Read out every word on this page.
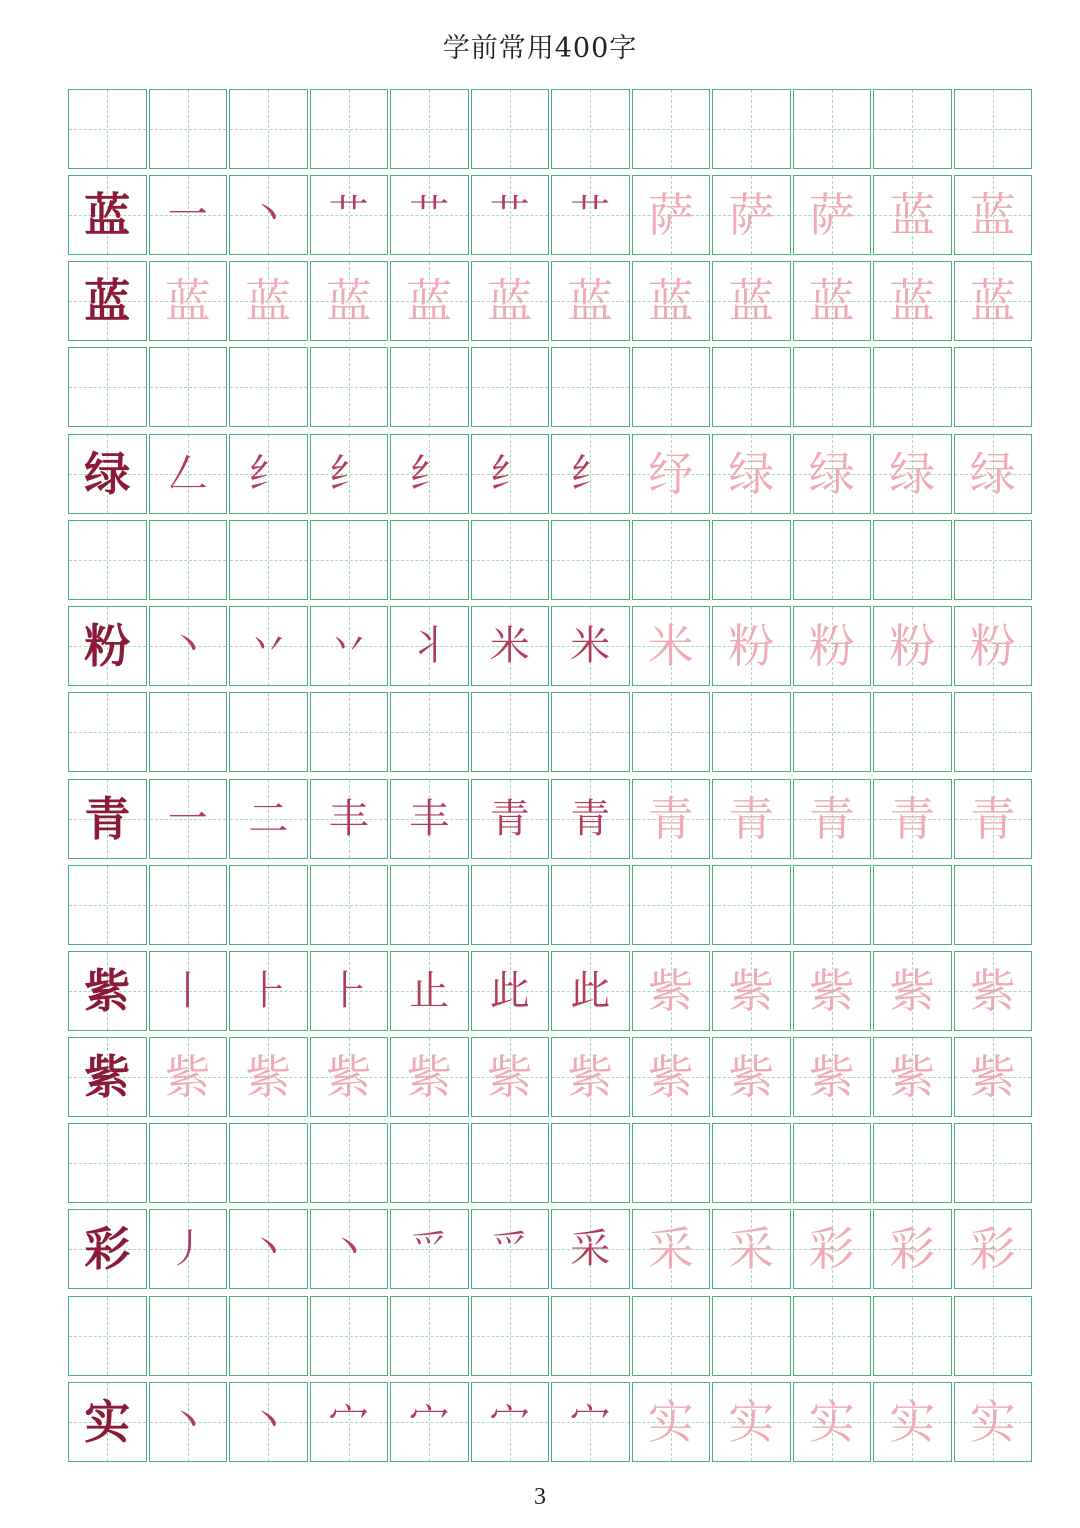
学前常用400字
蓝 一 丶 艹 艹 艹 艹 萨 萨 萨 蓝 蓝
蓝 蓝 蓝 蓝 蓝 蓝 蓝 蓝 蓝 蓝 蓝 蓝
绿 𠃋 纟 纟 纟 纟 纟 纾 绿 绿 绿 绿
粉 丶 丷 丷 丬 米 米 米 粉 粉 粉 粉
青 一 二 丰 丰 青 青 青 青 青 青 青
紫 丨 ⺊ ⺊ 止 此 此 紫 紫 紫 紫 紫
紫 紫 紫 紫 紫 紫 紫 紫 紫 紫 紫 紫
彩 丿 丶 丶 爫 爫 采 采 采 彩 彩 彩
实 丶 丶 宀 宀 宀 宀 实 实 实 实 实
3
